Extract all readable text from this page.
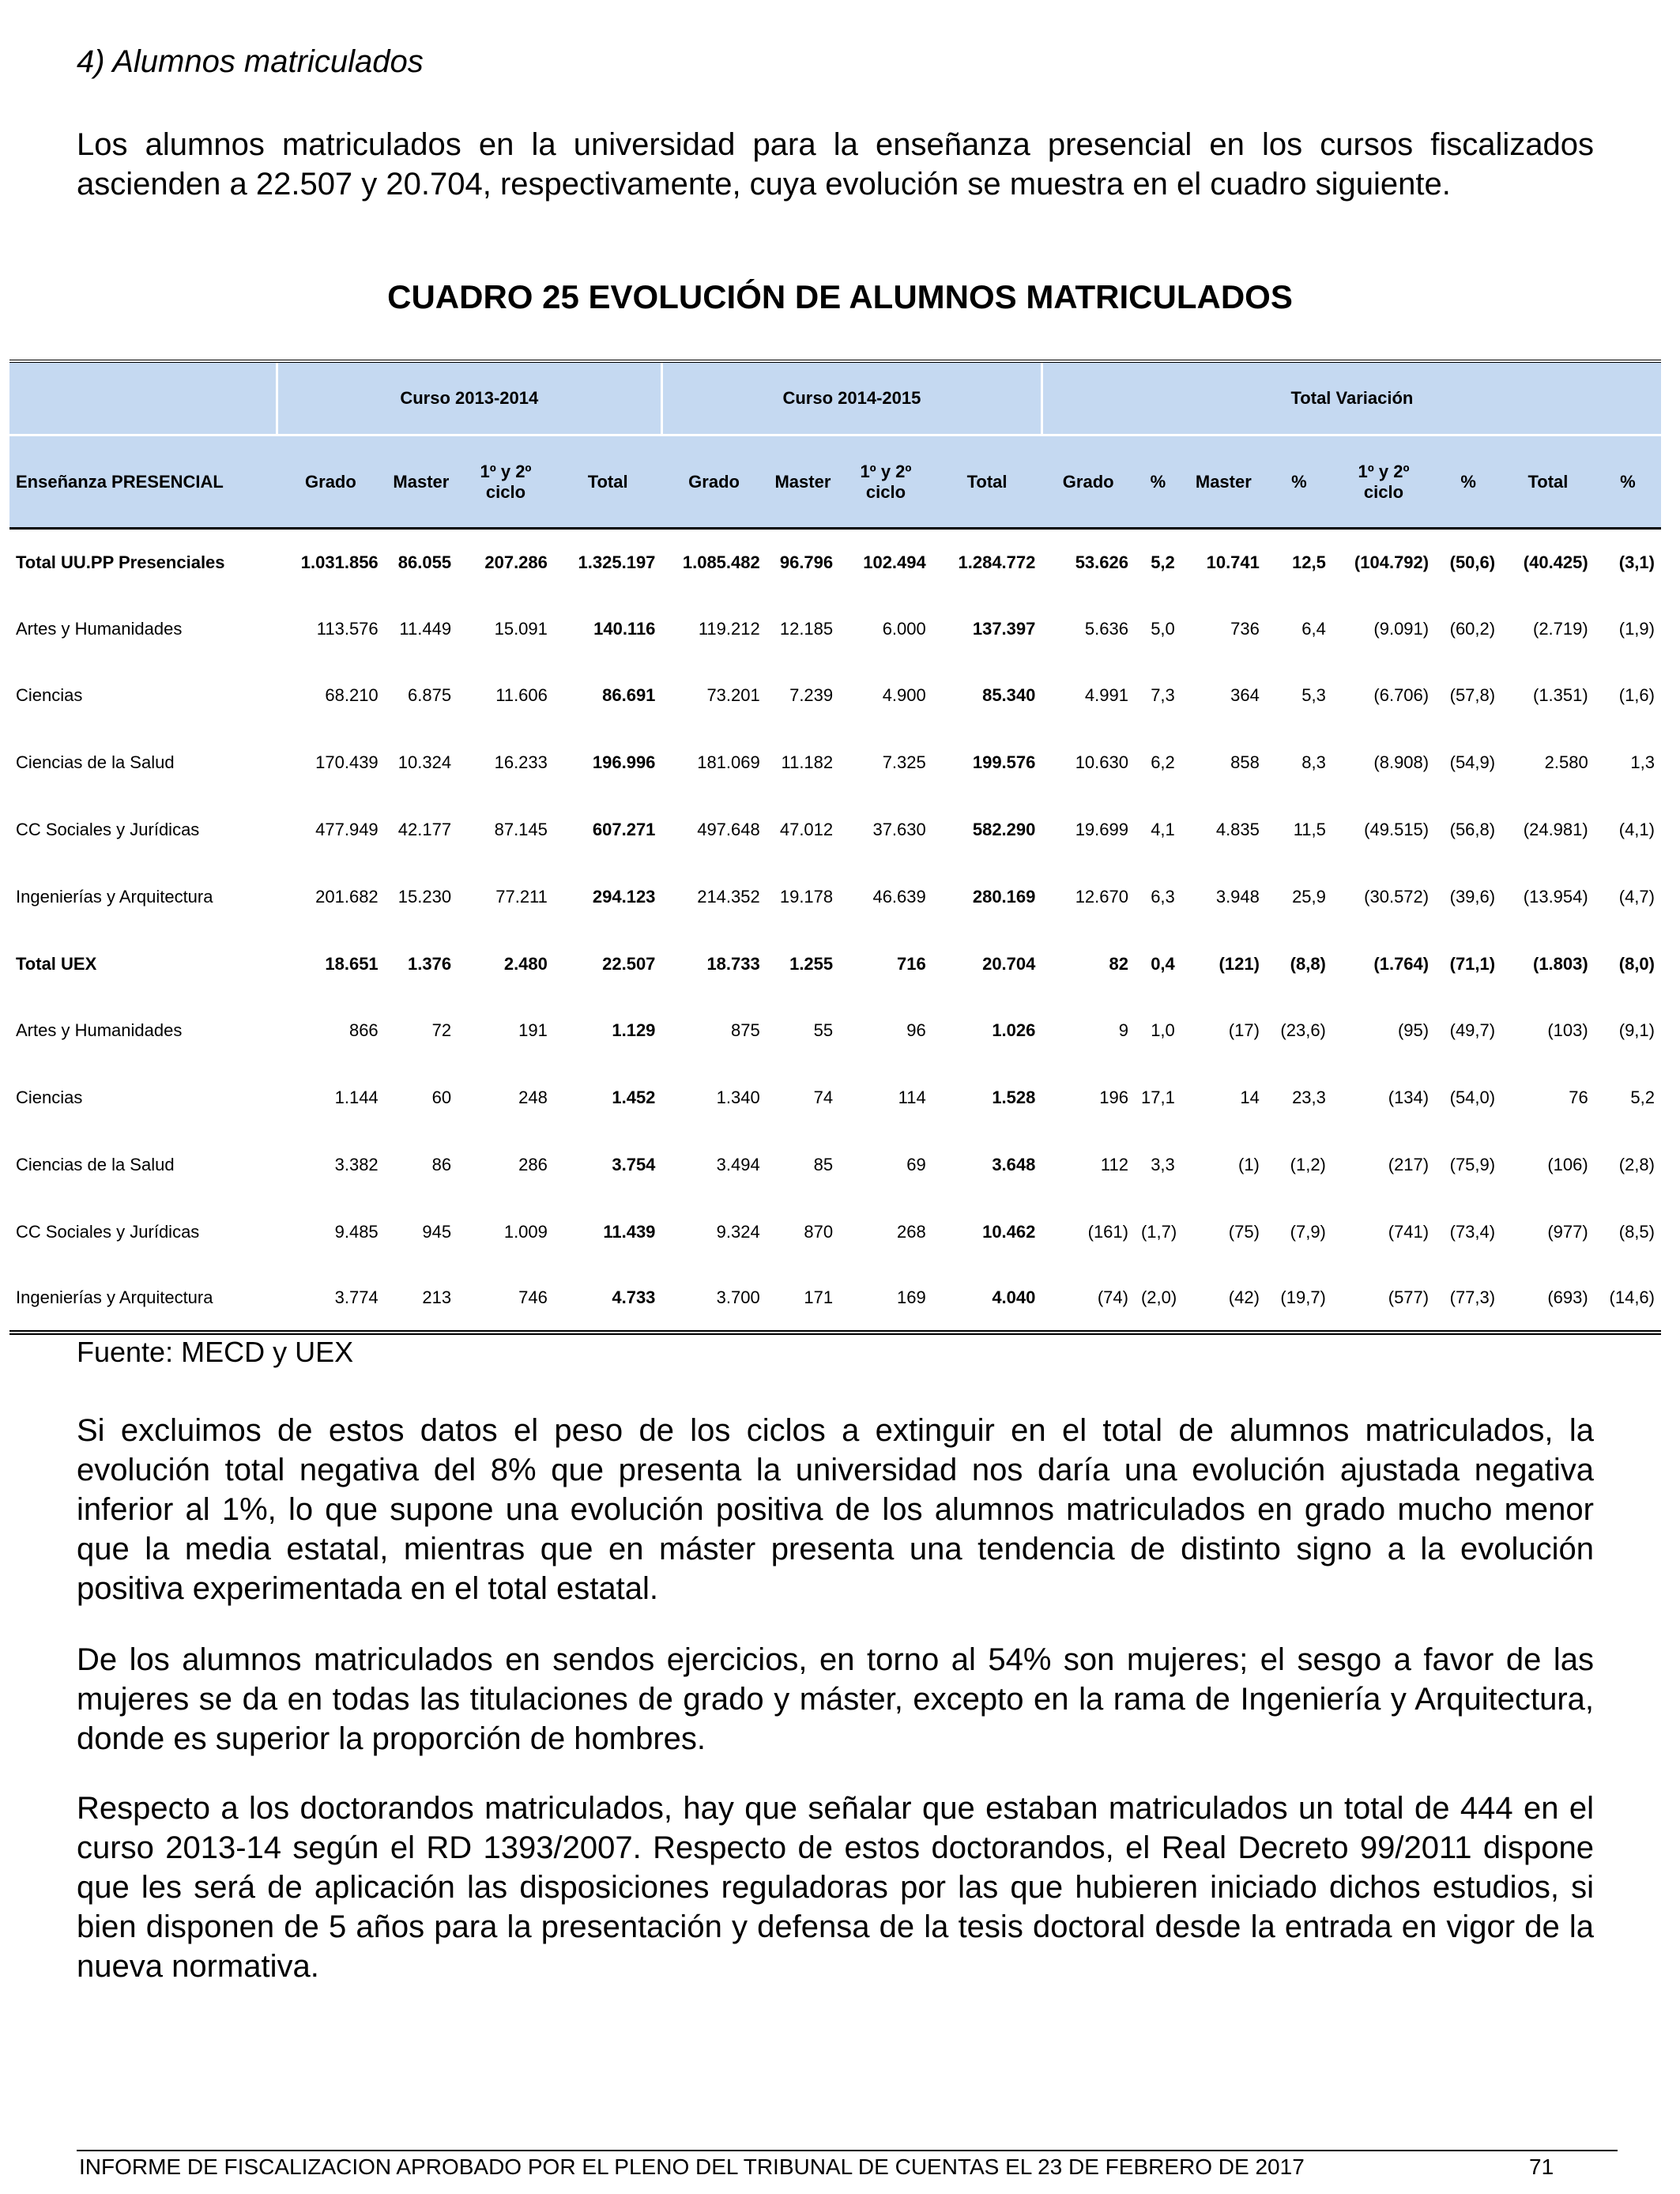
4) Alumnos matriculados

Los alumnos matriculados en la universidad para la enseñanza presencial en los cursos fiscalizados ascienden a 22.507 y 20.704, respectivamente, cuya evolución se muestra en el cuadro siguiente.

CUADRO 25 EVOLUCIÓN DE ALUMNOS MATRICULADOS
	Curso 2013-2014				Curso 2014-2015				Total Variación							
Enseñanza PRESENCIAL	Grado	Master	1º y 2º ciclo	Total	Grado	Master	1º y 2º ciclo	Total	Grado	%	Master	%	1º y 2º ciclo	%	Total	%
Total UU.PP Presenciales	1.031.856	86.055	207.286	1.325.197	1.085.482	96.796	102.494	1.284.772	53.626	5,2	10.741	12,5	(104.792)	(50,6)	(40.425)	(3,1)
Artes y Humanidades	113.576	11.449	15.091	140.116	119.212	12.185	6.000	137.397	5.636	5,0	736	6,4	(9.091)	(60,2)	(2.719)	(1,9)
Ciencias	68.210	6.875	11.606	86.691	73.201	7.239	4.900	85.340	4.991	7,3	364	5,3	(6.706)	(57,8)	(1.351)	(1,6)
Ciencias de la Salud	170.439	10.324	16.233	196.996	181.069	11.182	7.325	199.576	10.630	6,2	858	8,3	(8.908)	(54,9)	2.580	1,3
CC Sociales y Jurídicas	477.949	42.177	87.145	607.271	497.648	47.012	37.630	582.290	19.699	4,1	4.835	11,5	(49.515)	(56,8)	(24.981)	(4,1)
Ingenierías y Arquitectura	201.682	15.230	77.211	294.123	214.352	19.178	46.639	280.169	12.670	6,3	3.948	25,9	(30.572)	(39,6)	(13.954)	(4,7)
Total UEX	18.651	1.376	2.480	22.507	18.733	1.255	716	20.704	82	0,4	(121)	(8,8)	(1.764)	(71,1)	(1.803)	(8,0)
Artes y Humanidades	866	72	191	1.129	875	55	96	1.026	9	1,0	(17)	(23,6)	(95)	(49,7)	(103)	(9,1)
Ciencias	1.144	60	248	1.452	1.340	74	114	1.528	196	17,1	14	23,3	(134)	(54,0)	76	5,2
Ciencias de la Salud	3.382	86	286	3.754	3.494	85	69	3.648	112	3,3	(1)	(1,2)	(217)	(75,9)	(106)	(2,8)
CC Sociales y Jurídicas	9.485	945	1.009	11.439	9.324	870	268	10.462	(161)	(1,7)	(75)	(7,9)	(741)	(73,4)	(977)	(8,5)
Ingenierías y Arquitectura	3.774	213	746	4.733	3.700	171	169	4.040	(74)	(2,0)	(42)	(19,7)	(577)	(77,3)	(693)	(14,6)
Fuente: MECD y UEX

Si excluimos de estos datos el peso de los ciclos a extinguir en el total de alumnos matriculados, la evolución total negativa del 8% que presenta la universidad nos daría una evolución ajustada negativa inferior al 1%, lo que supone una evolución positiva de los alumnos matriculados en grado mucho menor que la media estatal, mientras que en máster presenta una tendencia de distinto signo a la evolución positiva experimentada en el total estatal.

De los alumnos matriculados en sendos ejercicios, en torno al 54% son mujeres; el sesgo a favor de las mujeres se da en todas las titulaciones de grado y máster, excepto en la rama de Ingeniería y Arquitectura, donde es superior la proporción de hombres.

Respecto a los doctorandos matriculados, hay que señalar que estaban matriculados un total de 444 en el curso 2013-14 según el RD 1393/2007. Respecto de estos doctorandos, el Real Decreto 99/2011 dispone que les será de aplicación las disposiciones reguladoras por las que hubieren iniciado dichos estudios, si bien disponen de 5 años para la presentación y defensa de la tesis doctoral desde la entrada en vigor de la nueva normativa.

INFORME DE FISCALIZACION APROBADO POR EL PLENO DEL TRIBUNAL DE CUENTAS EL 23 DE FEBRERO DE 2017	71
